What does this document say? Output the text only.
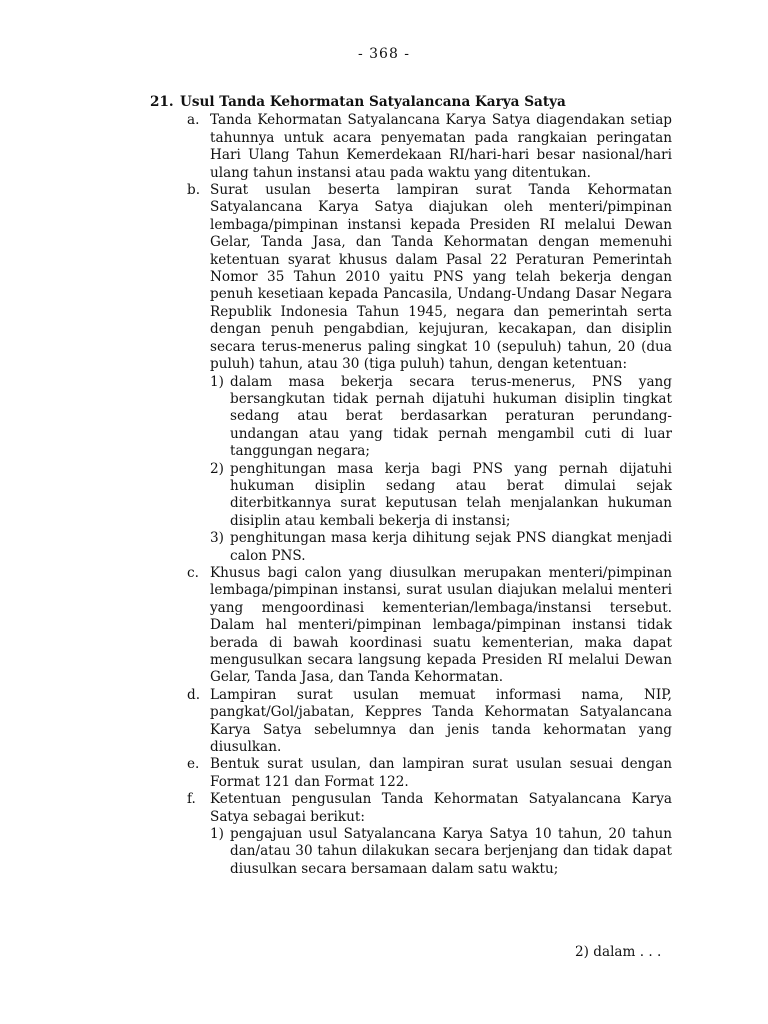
- 368 -
21. Usul Tanda Kehormatan Satyalancana Karya Satya
a. Tanda Kehormatan Satyalancana Karya Satya diagendakan setiap tahunnya untuk acara penyematan pada rangkaian peringatan Hari Ulang Tahun Kemerdekaan RI/hari-hari besar nasional/hari ulang tahun instansi atau pada waktu yang ditentukan.

b. Surat usulan beserta lampiran surat Tanda Kehormatan Satyalancana Karya Satya diajukan oleh menteri/pimpinan lembaga/pimpinan instansi kepada Presiden RI melalui Dewan Gelar, Tanda Jasa, dan Tanda Kehormatan dengan memenuhi ketentuan syarat khusus dalam Pasal 22 Peraturan Pemerintah Nomor 35 Tahun 2010 yaitu PNS yang telah bekerja dengan penuh kesetiaan kepada Pancasila, Undang-Undang Dasar Negara Republik Indonesia Tahun 1945, negara dan pemerintah serta dengan penuh pengabdian, kejujuran, kecakapan, dan disiplin secara terus-menerus paling singkat 10 (sepuluh) tahun, 20 (dua puluh) tahun, atau 30 (tiga puluh) tahun, dengan ketentuan:

1) dalam masa bekerja secara terus-menerus, PNS yang bersangkutan tidak pernah dijatuhi hukuman disiplin tingkat sedang atau berat berdasarkan peraturan perundang-undangan atau yang tidak pernah mengambil cuti di luar tanggungan negara;
2) penghitungan masa kerja bagi PNS yang pernah dijatuhi hukuman disiplin sedang atau berat dimulai sejak diterbitkannya surat keputusan telah menjalankan hukuman disiplin atau kembali bekerja di instansi;
3) penghitungan masa kerja dihitung sejak PNS diangkat menjadi calon PNS.
c. Khusus bagi calon yang diusulkan merupakan menteri/pimpinan lembaga/pimpinan instansi, surat usulan diajukan melalui menteri yang mengoordinasi kementerian/lembaga/instansi tersebut. Dalam hal menteri/pimpinan lembaga/pimpinan instansi tidak berada di bawah koordinasi suatu kementerian, maka dapat mengusulkan secara langsung kepada Presiden RI melalui Dewan Gelar, Tanda Jasa, dan Tanda Kehormatan.

d. Lampiran surat usulan memuat informasi nama, NIP, pangkat/Gol/jabatan, Keppres Tanda Kehormatan Satyalancana Karya Satya sebelumnya dan jenis tanda kehormatan yang diusulkan.

e. Bentuk surat usulan, dan lampiran surat usulan sesuai dengan Format 121 dan Format 122.

f.	Ketentuan pengusulan Tanda Kehormatan Satyalancana Karya Satya sebagai berikut:

1) pengajuan usul Satyalancana Karya Satya 10 tahun, 20 tahun dan/atau 30 tahun dilakukan secara berjenjang dan tidak dapat diusulkan secara bersamaan dalam satu waktu;
2) dalam . . .
